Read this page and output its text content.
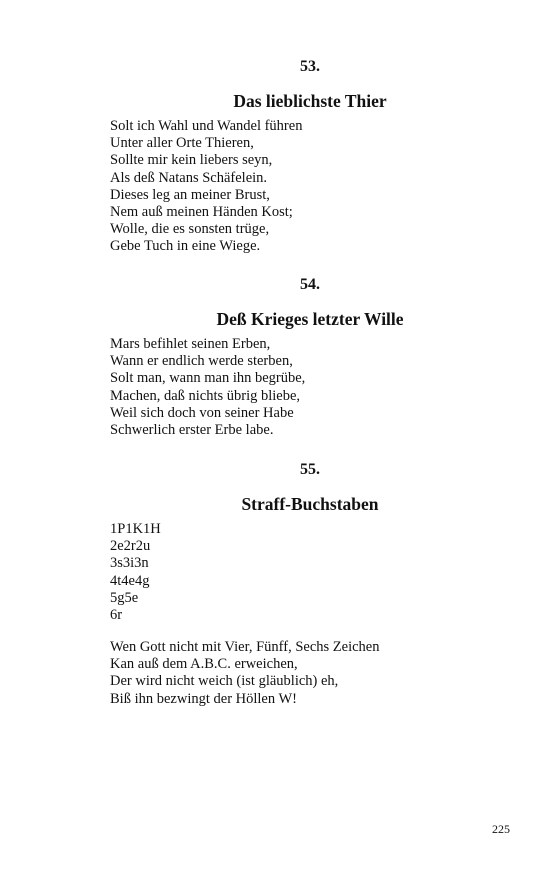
53.
Das lieblichste Thier
Solt ich Wahl und Wandel führen
Unter aller Orte Thieren,
Sollte mir kein liebers seyn,
Als deß Natans Schäfelein.
Dieses leg an meiner Brust,
Nem auß meinen Händen Kost;
Wolle, die es sonsten trüge,
Gebe Tuch in eine Wiege.
54.
Deß Krieges letzter Wille
Mars befihlet seinen Erben,
Wann er endlich werde sterben,
Solt man, wann man ihn begrübe,
Machen, daß nichts übrig bliebe,
Weil sich doch von seiner Habe
Schwerlich erster Erbe labe.
55.
Straff-Buchstaben
1P1K1H
2e2r2u
3s3i3n
4t4e4g
5g5e
6r
Wen Gott nicht mit Vier, Fünff, Sechs Zeichen
Kan auß dem A.B.C. erweichen,
Der wird nicht weich (ist gläublich) eh,
Biß ihn bezwingt der Höllen W!
225
